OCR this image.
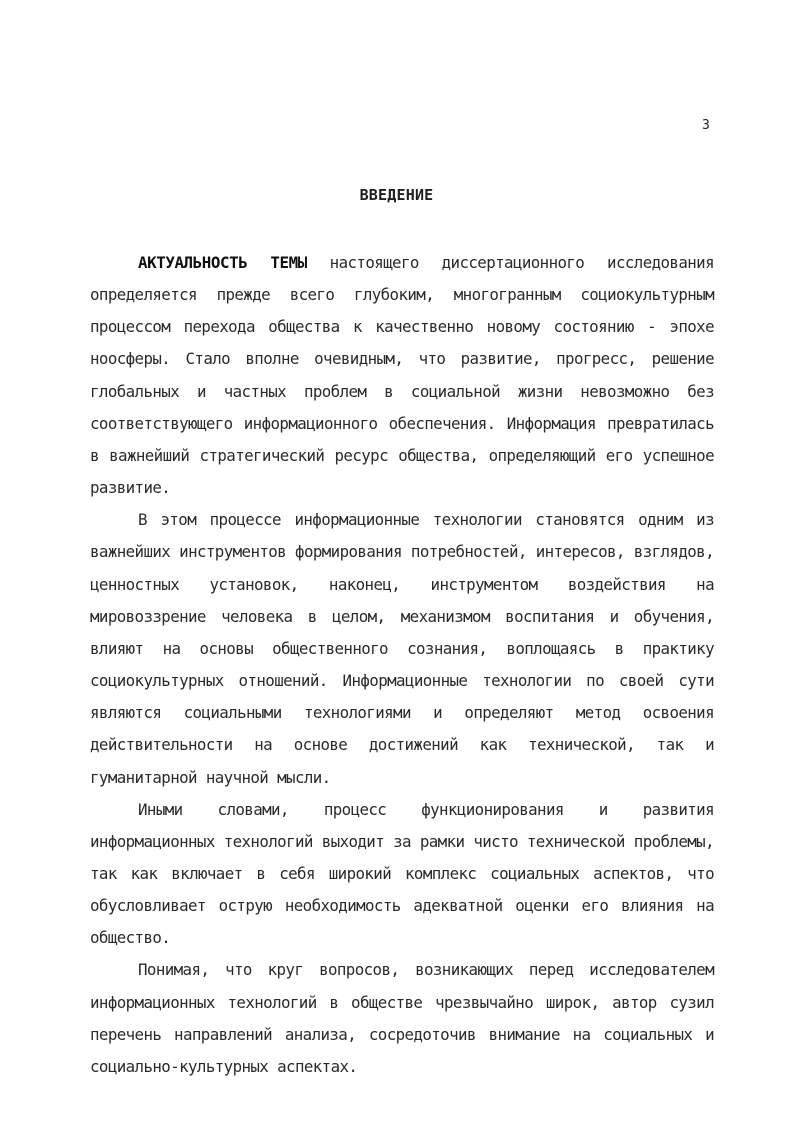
3
ВВЕДЕНИЕ

АКТУАЛЬНОСТЬ ТЕМЫ настоящего диссертационного исследования определяется прежде всего глубоким, многогранным социокультурным процессом перехода общества к качественно новому состоянию - эпохе ноосферы. Стало вполне очевидным, что развитие, прогресс, решение глобальных и частных проблем в социальной жизни невозможно без соответствующего информационного обеспечения. Информация превратилась в важнейший стратегический ресурс общества, определяющий его успешное развитие.

В этом процессе информационные технологии становятся одним из важнейших инструментов формирования потребностей, интересов, взглядов, ценностных установок, наконец, инструментом воздействия на мировоззрение человека в целом, механизмом воспитания и обучения, влияют на основы общественного сознания, воплощаясь в практику социокультурных отношений. Информационные технологии по своей сути являются социальными технологиями и определяют метод освоения действительности на основе достижений как технической, так и гуманитарной научной мысли.

Иными словами, процесс функционирования и развития информационных технологий выходит за рамки чисто технической проблемы, так как включает в себя широкий комплекс социальных аспектов, что обусловливает острую необходимость адекватной оценки его влияния на общество.

Понимая, что круг вопросов, возникающих перед исследователем информационных технологий в обществе чрезвычайно широк, автор сузил перечень направлений анализа, сосредоточив внимание на социальных и социально-культурных аспектах.
